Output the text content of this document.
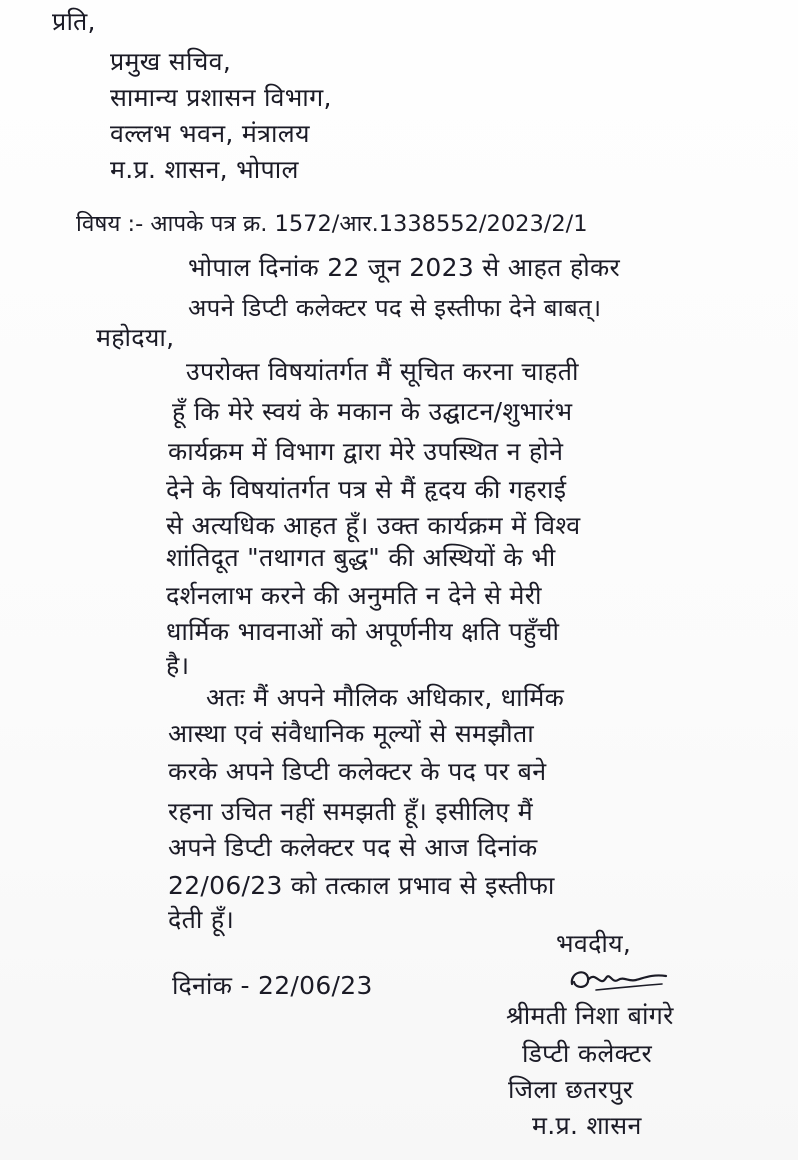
प्रति,
प्रमुख सचिव,
सामान्य प्रशासन विभाग,
वल्लभ भवन, मंत्रालय
म.प्र. शासन, भोपाल
विषय :- आपके पत्र क्र. 1572/आर.1338552/2023/2/1
भोपाल दिनांक 22 जून 2023 से आहत होकर
अपने डिप्टी कलेक्टर पद से इस्तीफा देने बाबत्।
महोदया,
उपरोक्त विषयांतर्गत मैं सूचित करना चाहती
हूँ कि मेरे स्वयं के मकान के उद्घाटन/शुभारंभ
कार्यक्रम में विभाग द्वारा मेरे उपस्थित न होने
देने के विषयांतर्गत पत्र से मैं हृदय की गहराई
से अत्यधिक आहत हूँ। उक्त कार्यक्रम में विश्व
शांतिदूत "तथागत बुद्ध" की अस्थियों के भी
दर्शनलाभ करने की अनुमति न देने से मेरी
धार्मिक भावनाओं को अपूर्णनीय क्षति पहुँची
है।
अतः मैं अपने मौलिक अधिकार, धार्मिक
आस्था एवं संवैधानिक मूल्यों से समझौता
करके अपने डिप्टी कलेक्टर के पद पर बने
रहना उचित नहीं समझती हूँ। इसीलिए मैं
अपने डिप्टी कलेक्टर पद से आज दिनांक
22/06/23 को तत्काल प्रभाव से इस्तीफा
देती हूँ।
भवदीय,
दिनांक - 22/06/23
श्रीमती निशा बांगरे
डिप्टी कलेक्टर
जिला छतरपुर
म.प्र. शासन
